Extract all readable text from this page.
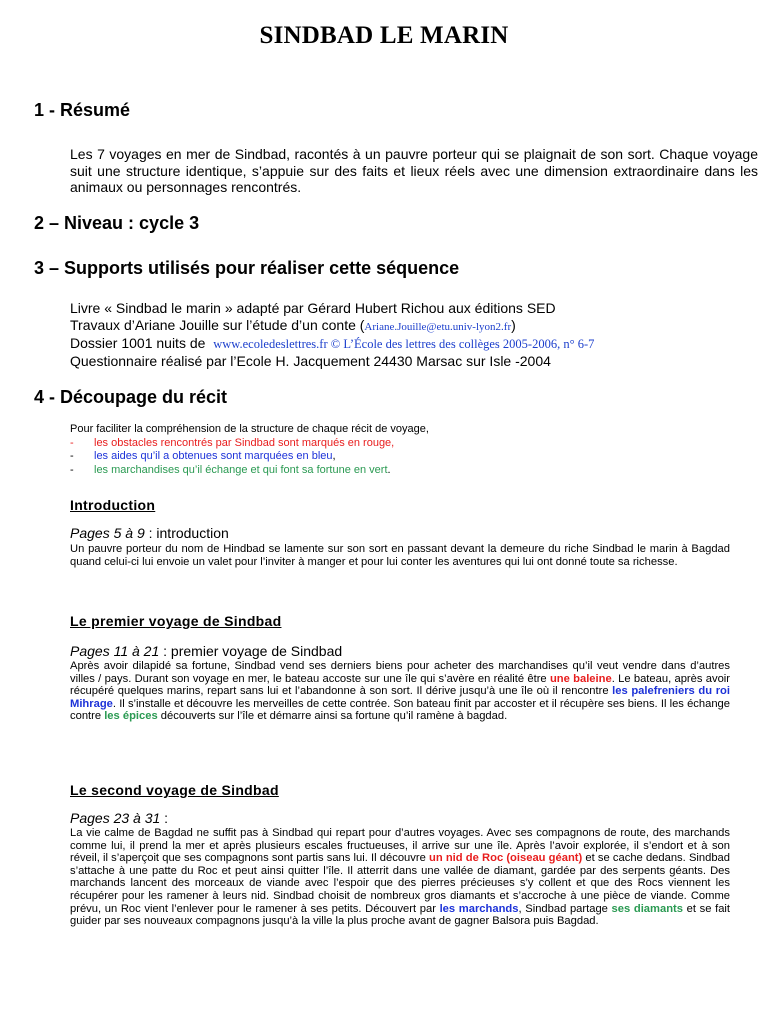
SINDBAD LE MARIN
1 - Résumé
Les 7 voyages en mer de Sindbad, racontés à un pauvre porteur qui se plaignait de son sort. Chaque voyage suit une structure identique, s’appuie sur des faits et lieux réels avec une dimension extraordinaire dans les animaux ou personnages rencontrés.
2 – Niveau : cycle 3
3 – Supports utilisés pour réaliser cette séquence
Livre « Sindbad le marin » adapté par Gérard Hubert Richou aux éditions SED
Travaux d’Ariane Jouille sur l’étude d’un conte (Ariane.Jouille@etu.univ-lyon2.fr)
Dossier 1001 nuits de www.ecoledeslettres.fr © L’École des lettres des collèges 2005-2006, n° 6-7
Questionnaire réalisé par l’Ecole H. Jacquement 24430 Marsac sur Isle -2004
4 - Découpage du récit
Pour faciliter la compréhension de la structure de chaque récit de voyage,
- les obstacles rencontrés par Sindbad sont marqués en rouge,
- les aides qu’il a obtenues sont marquées en bleu,
- les marchandises qu’il échange et qui font sa fortune en vert.
Introduction
Pages 5 à 9 : introduction
Un pauvre porteur du nom de Hindbad se lamente sur son sort en passant devant la demeure du riche Sindbad le marin à Bagdad quand celui-ci lui envoie un valet pour l’inviter à manger et pour lui conter les aventures qui lui ont donné toute sa richesse.
Le premier voyage de Sindbad
Pages 11 à 21 : premier voyage de Sindbad
Après avoir dilapidé sa fortune, Sindbad vend ses derniers biens pour acheter des marchandises qu’il veut vendre dans d’autres villes / pays. Durant son voyage en mer, le bateau accoste sur une île qui s’avère en réalité être une baleine. Le bateau, après avoir récupéré quelques marins, repart sans lui et l’abandonne à son sort. Il dérive jusqu’à une île où il rencontre les palefreniers du roi Mihrage. Il s’installe et découvre les merveilles de cette contrée. Son bateau finit par accoster et il récupère ses biens. Il les échange contre les épices découverts sur l’île et démarre ainsi sa fortune qu’il ramène à bagdad.
Le second voyage de Sindbad
Pages 23 à 31 :
La vie calme de Bagdad ne suffit pas à Sindbad qui repart pour d’autres voyages. Avec ses compagnons de route, des marchands comme lui, il prend la mer et après plusieurs escales fructueuses, il arrive sur une île. Après l’avoir explorée, il s’endort et à son réveil, il s’aperçoit que ses compagnons sont partis sans lui. Il découvre un nid de Roc (oiseau géant) et se cache dedans. Sindbad s’attache à une patte du Roc et peut ainsi quitter l’île. Il atterrit dans une vallée de diamant, gardée par des serpents géants. Des marchands lancent des morceaux de viande avec l’espoir que des pierres précieuses s’y collent et que des Rocs viennent les récupérer pour les ramener à leurs nid. Sindbad choisit de nombreux gros diamants et s’accroche à une pièce de viande. Comme prévu, un Roc vient l’enlever pour le ramener à ses petits. Découvert par les marchands, Sindbad partage ses diamants et se fait guider par ses nouveaux compagnons jusqu’à la ville la plus proche avant de gagner Balsora puis Bagdad.
